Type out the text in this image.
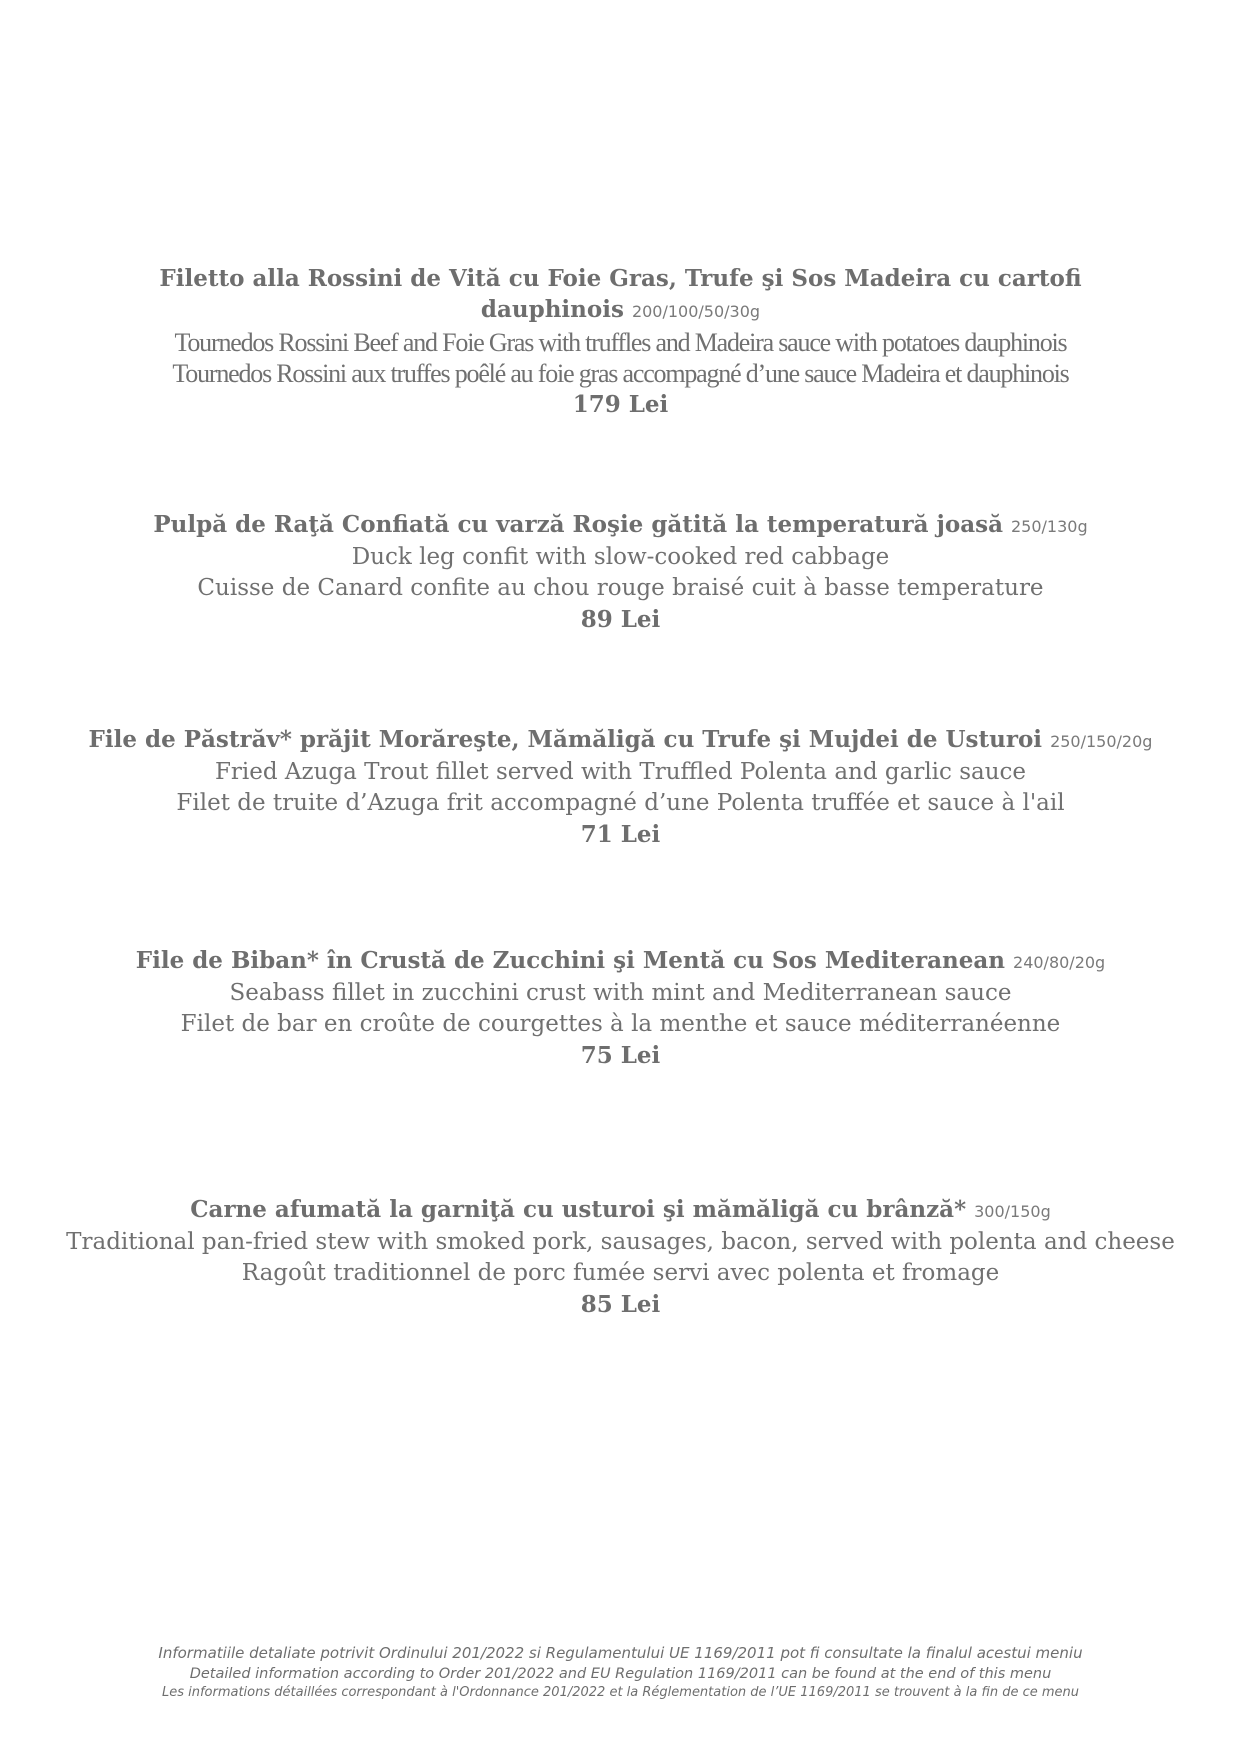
Filetto alla Rossini de Vită cu Foie Gras, Trufe şi Sos Madeira cu cartofi
dauphinois 200/100/50/30g
Tournedos Rossini Beef and Foie Gras with truffles and Madeira sauce with potatoes dauphinois
Tournedos Rossini aux truffes poêlé au foie gras accompagné d’une sauce Madeira et dauphinois
179 Lei
Pulpă de Raţă Confiată cu varză Roşie gătită la temperatură joasă 250/130g
Duck leg confit with slow-cooked red cabbage
Cuisse de Canard confite au chou rouge braisé cuit à basse temperature
89 Lei
File de Păstrăv* prăjit Morăreşte, Mămăligă cu Trufe şi Mujdei de Usturoi 250/150/20g
Fried Azuga Trout fillet served with Truffled Polenta and garlic sauce
Filet de truite d’Azuga frit accompagné d’une Polenta truffée et sauce à l'ail
71 Lei
File de Biban* în Crustă de Zucchini şi Mentă cu Sos Mediteranean 240/80/20g
Seabass fillet in zucchini crust with mint and Mediterranean sauce
Filet de bar en croûte de courgettes à la menthe et sauce méditerranéenne
75 Lei
Carne afumată la garniţă cu usturoi şi mămăligă cu brânză* 300/150g
Traditional pan-fried stew with smoked pork, sausages, bacon, served with polenta and cheese
Ragoût traditionnel de porc fumée servi avec polenta et fromage
85 Lei
Informatiile detaliate potrivit Ordinului 201/2022 si Regulamentului UE 1169/2011 pot fi consultate la finalul acestui meniu
Detailed information according to Order 201/2022 and EU Regulation 1169/2011 can be found at the end of this menu
Les informations détaillées correspondant à l'Ordonnance 201/2022 et la Réglementation de l’UE 1169/2011 se trouvent à la fin de ce menu
